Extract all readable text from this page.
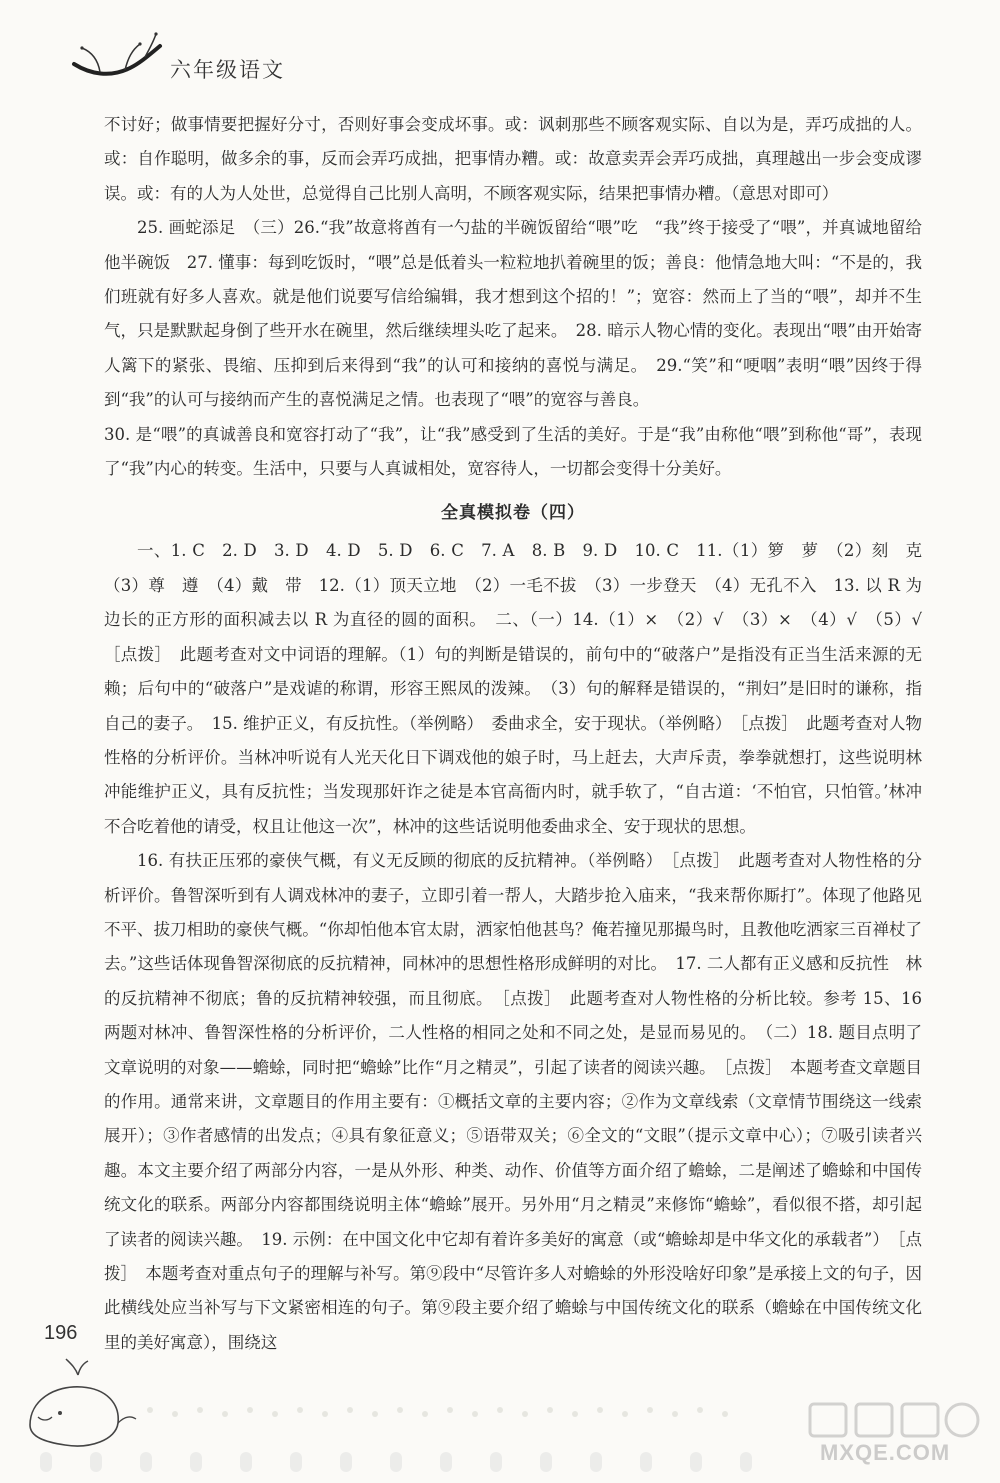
六年级语文

不讨好；做事情要把握好分寸，否则好事会变成坏事。或：讽刺那些不顾客观实际、自以为是，弄巧成拙的人。或：自作聪明，做多余的事，反而会弄巧成拙，把事情办糟。或：故意卖弄会弄巧成拙，真理越出一步会变成谬误。或：有的人为人处世，总觉得自己比别人高明，不顾客观实际，结果把事情办糟。（意思对即可）

25. 画蛇添足　（三）26.“我”故意将酋有一勺盐的半碗饭留给“喂”吃　“我”终于接受了“喂”，并真诚地留给他半碗饭　27. 懂事：每到吃饭时，“喂”总是低着头一粒粒地扒着碗里的饭；善良：他情急地大叫：“不是的，我们班就有好多人喜欢。就是他们说要写信给编辑，我才想到这个招的！”；宽容：然而上了当的“喂”，却并不生气，只是默默起身倒了些开水在碗里，然后继续埋头吃了起来。　28. 暗示人物心情的变化。表现出“喂”由开始寄人篱下的紧张、畏缩、压抑到后来得到“我”的认可和接纳的喜悦与满足。　29.“笑”和“哽咽”表明“喂”因终于得到“我”的认可与接纳而产生的喜悦满足之情。也表现了“喂”的宽容与善良。

30. 是“喂”的真诚善良和宽容打动了“我”，让“我”感受到了生活的美好。于是“我”由称他“喂”到称他“哥”，表现了“我”内心的转变。生活中，只要与人真诚相处，宽容待人，一切都会变得十分美好。

全真模拟卷（四）

一、1. C　2. D　3. D　4. D　5. D　6. C　7. A　8. B　9. D　10. C　11.（1）箩　萝　（2）刻　克　（3）尊　遵　（4）戴　带　12.（1）顶天立地　（2）一毛不拔　（3）一步登天　（4）无孔不入　13. 以 R 为边长的正方形的面积减去以 R 为直径的圆的面积。　二、（一）14.（1）×　（2）√　（3）×　（4）√　（5）√　［点拨］　此题考查对文中词语的理解。（1）句的判断是错误的，前句中的“破落户”是指没有正当生活来源的无赖；后句中的“破落户”是戏谑的称谓，形容王熙凤的泼辣。　（3）句的解释是错误的，“荆妇”是旧时的谦称，指自己的妻子。　15. 维护正义，有反抗性。（举例略）　委曲求全，安于现状。（举例略）　［点拨］　此题考查对人物性格的分析评价。当林冲听说有人光天化日下调戏他的娘子时，马上赶去，大声斥责，拳拳就想打，这些说明林冲能维护正义，具有反抗性；当发现那奸诈之徒是本官高衙内时，就手软了，“自古道：‘不怕官，只怕管。’林冲不合吃着他的请受，权且让他这一次”，林冲的这些话说明他委曲求全、安于现状的思想。

16. 有扶正压邪的豪侠气概，有义无反顾的彻底的反抗精神。（举例略）　［点拨］　此题考查对人物性格的分析评价。鲁智深听到有人调戏林冲的妻子，立即引着一帮人，大踏步抢入庙来，“我来帮你厮打”。体现了他路见不平、拔刀相助的豪侠气概。“你却怕他本官太尉，洒家怕他甚鸟？俺若撞见那撮鸟时，且教他吃洒家三百禅杖了去。”这些话体现鲁智深彻底的反抗精神，同林冲的思想性格形成鲜明的对比。　17. 二人都有正义感和反抗性　林的反抗精神不彻底；鲁的反抗精神较强，而且彻底。　［点拨］　此题考查对人物性格的分析比较。参考 15、16 两题对林冲、鲁智深性格的分析评价，二人性格的相同之处和不同之处，是显而易见的。　（二）18. 题目点明了文章说明的对象——蟾蜍，同时把“蟾蜍”比作“月之精灵”，引起了读者的阅读兴趣。　［点拨］　本题考查文章题目的作用。通常来讲，文章题目的作用主要有：①概括文章的主要内容；②作为文章线索（文章情节围绕这一线索展开）；③作者感情的出发点；④具有象征意义；⑤语带双关；⑥全文的“文眼”（提示文章中心）；⑦吸引读者兴趣。本文主要介绍了两部分内容，一是从外形、种类、动作、价值等方面介绍了蟾蜍，二是阐述了蟾蜍和中国传统文化的联系。两部分内容都围绕说明主体“蟾蜍”展开。另外用“月之精灵”来修饰“蟾蜍”，看似很不搭，却引起了读者的阅读兴趣。　19. 示例：在中国文化中它却有着许多美好的寓意（或“蟾蜍却是中华文化的承载者”）　［点拨］　本题考查对重点句子的理解与补写。第⑨段中“尽管许多人对蟾蜍的外形没啥好印象”是承接上文的句子，因此横线处应当补写与下文紧密相连的句子。第⑨段主要介绍了蟾蜍与中国传统文化的联系（蟾蜍在中国传统文化里的美好寓意），围绕这

196
MXQE.COM
